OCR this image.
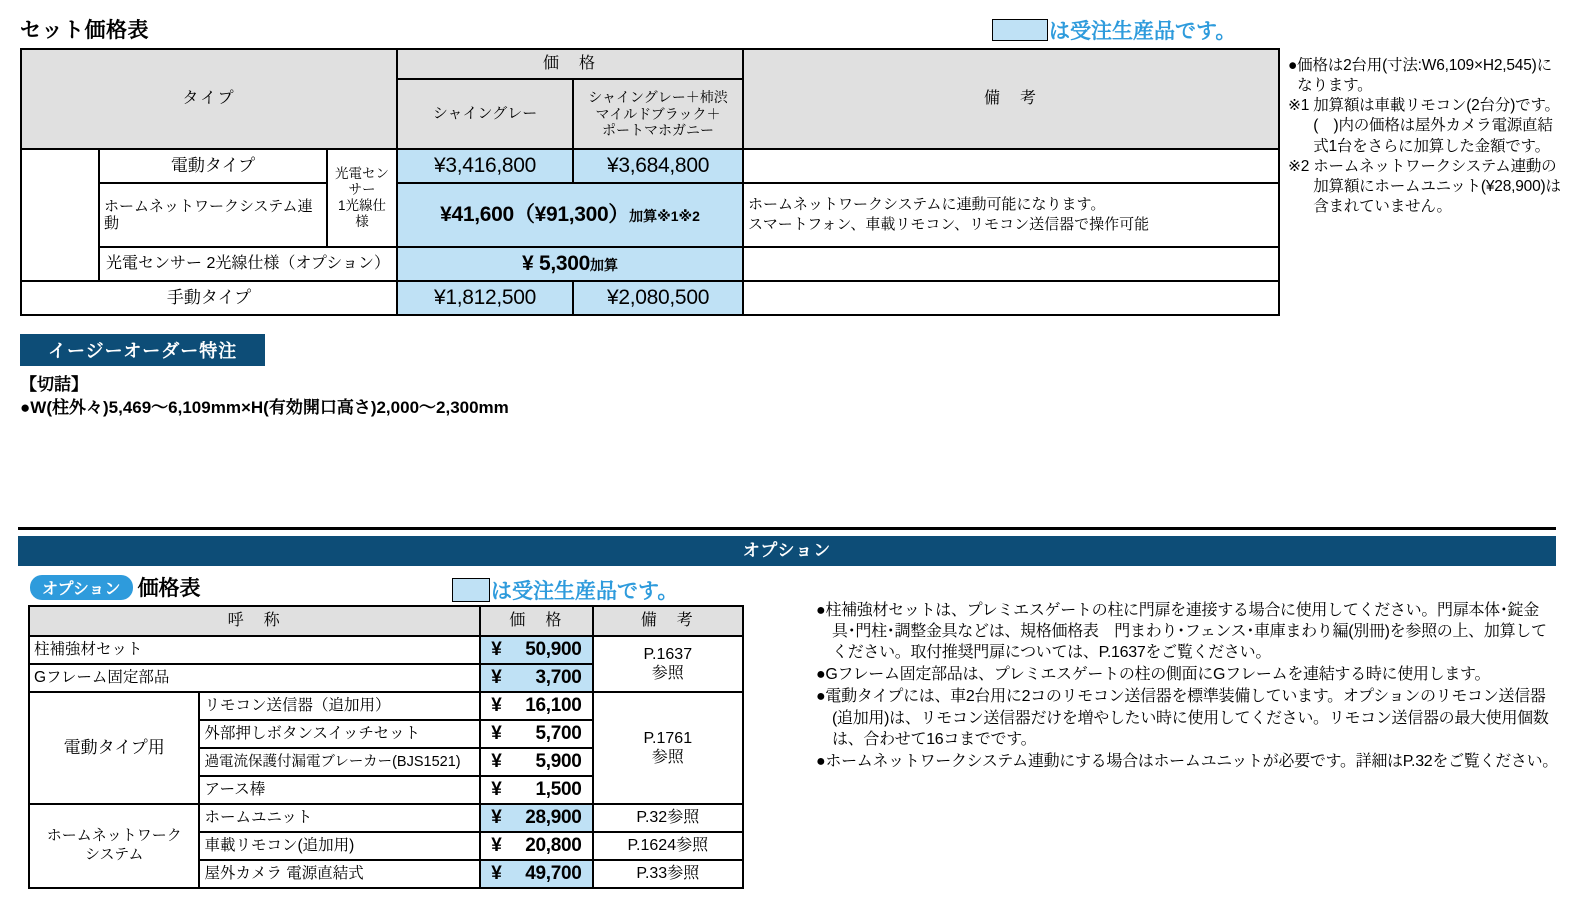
セット価格表	は受注生産品です。
タイプ			価　格		備　考
			シャイングレー	シャイングレー＋柿渋
マイルドブラック＋
ポートマホガニー	

	電動タイプ	光電センサー
1光線仕様	¥3,416,800	¥3,684,800	
	ホームネットワークシステム連動		¥41,600（¥91,300）加算※1※2		ホームネットワークシステムに連動可能になります。
スマートフォン、車載リモコン、リモコン送信器で操作可能

	光電センサー 2光線仕様（オプション）		¥ 5,300加算		
手動タイプ			¥1,812,500	¥2,080,500	
● 価格は2台用(寸法:W6,109×H2,545)になります。
※1 加算額は車載リモコン(2台分)です。(　)内の価格は屋外カメラ電源直結式1台をさらに加算した金額です。
※2 ホームネットワークシステム連動の加算額にホームユニット(¥28,900)は含まれていません。
イージーオーダー特注
【切詰】
●W(柱外々)5,469～6,109mm×H(有効開口高さ)2,000～2,300mm
オプション
オプション 価格表	は受注生産品です。
呼　称		価　格	備　考
柱補強材セット	¥ 50,900	P.1637
参照

Gフレーム固定部品		¥ 3,700	

電動タイプ用	リモコン送信器（追加用）	¥ 16,100

P.1761
参照

	外部押しボタンスイッチセット	¥ 5,700	

	過電流保護付漏電ブレーカー(BJS1521)	¥ 5,900	

	アース棒	¥ 1,500	

ホームネットワーク
システム
	ホームユニット	¥ 28,900	P.32参照
	車載リモコン(追加用)	¥ 20,800	P.1624参照
	屋外カメラ 電源直結式	¥ 49,700	P.33参照
●柱補強材セットは、プレミエスゲートの柱に門扉を連接する場合に使用してください。門扉本体･錠金具･門柱･調整金具などは、規格価格表　門まわり･フェンス･車庫まわり編(別冊)を参照の上、加算してください。取付推奨門扉については、P.1637をご覧ください。
●Gフレーム固定部品は、プレミエスゲートの柱の側面にGフレームを連結する時に使用します。
●電動タイプには、車2台用に2コのリモコン送信器を標準装備しています。オプションのリモコン送信器(追加用)は、リモコン送信器だけを増やしたい時に使用してください。リモコン送信器の最大使用個数は、合わせて16コまでです。
●ホームネットワークシステム連動にする場合はホームユニットが必要です。詳細はP.32をご覧ください。
